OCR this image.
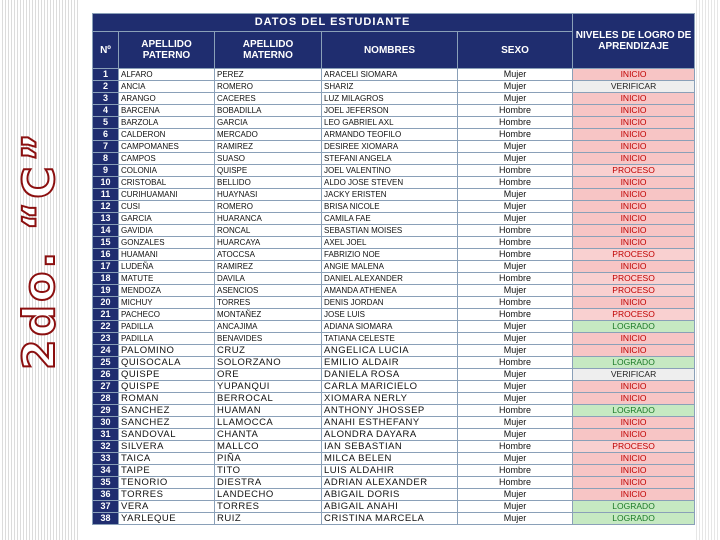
2do. “C”
DATOS DEL ESTUDIANTE					NIVELES DE LOGRO DE APRENDIZAJE
Nº	APELLIDO PATERNO	APELLIDO MATERNO	NOMBRES	SEXO	
1	ALFARO	PEREZ	ARACELI SIOMARA	Mujer	INICIO
2	ANCIA	ROMERO	SHARIZ	Mujer	VERIFICAR
3	ARANGO	CACERES	LUZ MILAGROS	Mujer	INICIO
4	BARCENA	BOBADILLA	JOEL JEFERSON	Hombre	INICIO
5	BARZOLA	GARCIA	LEO GABRIEL AXL	Hombre	INICIO
6	CALDERON	MERCADO	ARMANDO TEOFILO	Hombre	INICIO
7	CAMPOMANES	RAMIREZ	DESIREE XIOMARA	Mujer	INICIO
8	CAMPOS	SUASO	STEFANI ANGELA	Mujer	INICIO
9	COLONIA	QUISPE	JOEL VALENTINO	Hombre	PROCESO
10	CRISTOBAL	BELLIDO	ALDO JOSE STEVEN	Hombre	INICIO
11	CURIHUAMANI	HUAYNASI	JACKY ERISTEN	Mujer	INICIO
12	CUSI	ROMERO	BRISA NICOLE	Mujer	INICIO
13	GARCIA	HUARANCA	CAMILA FAE	Mujer	INICIO
14	GAVIDIA	RONCAL	SEBASTIAN MOISES	Hombre	INICIO
15	GONZALES	HUARCAYA	AXEL JOEL	Hombre	INICIO
16	HUAMANI	ATOCCSA	FABRIZIO NOE	Hombre	PROCESO
17	LUDEÑA	RAMIREZ	ANGIE MALENA	Mujer	INICIO
18	MATUTE	DAVILA	DANIEL ALEXANDER	Hombre	PROCESO
19	MENDOZA	ASENCIOS	AMANDA ATHENEA	Mujer	PROCESO
20	MICHUY	TORRES	DENIS JORDAN	Hombre	INICIO
21	PACHECO	MONTAÑEZ	JOSE LUIS	Hombre	PROCESO
22	PADILLA	ANCAJIMA	ADIANA SIOMARA	Mujer	LOGRADO
23	PADILLA	BENAVIDES	TATIANA CELESTE	Mujer	INICIO
24	PALOMINO	CRUZ	ANGELICA LUCIA	Mujer	INICIO
25	QUISOCALA	SOLORZANO	EMILIO ALDAIR	Hombre	LOGRADO
26	QUISPE	ORE	DANIELA ROSA	Mujer	VERIFICAR
27	QUISPE	YUPANQUI	CARLA MARICIELO	Mujer	INICIO
28	ROMAN	BERROCAL	XIOMARA NERLY	Mujer	INICIO
29	SANCHEZ	HUAMAN	ANTHONY JHOSSEP	Hombre	LOGRADO
30	SANCHEZ	LLAMOCCA	ANAHI ESTHEFANY	Mujer	INICIO
31	SANDOVAL	CHANTA	ALONDRA DAYARA	Mujer	INICIO
32	SILVERA	MALLCO	IAN SEBASTIAN	Hombre	PROCESO
33	TAICA	PIÑA	MILCA BELEN	Mujer	INICIO
34	TAIPE	TITO	LUIS ALDAHIR	Hombre	INICIO
35	TENORIO	DIESTRA	ADRIAN ALEXANDER	Hombre	INICIO
36	TORRES	LANDECHO	ABIGAIL DORIS	Mujer	INICIO
37	VERA	TORRES	ABIGAIL ANAHI	Mujer	LOGRADO
38	YARLEQUE	RUIZ	CRISTINA MARCELA	Mujer	LOGRADO
